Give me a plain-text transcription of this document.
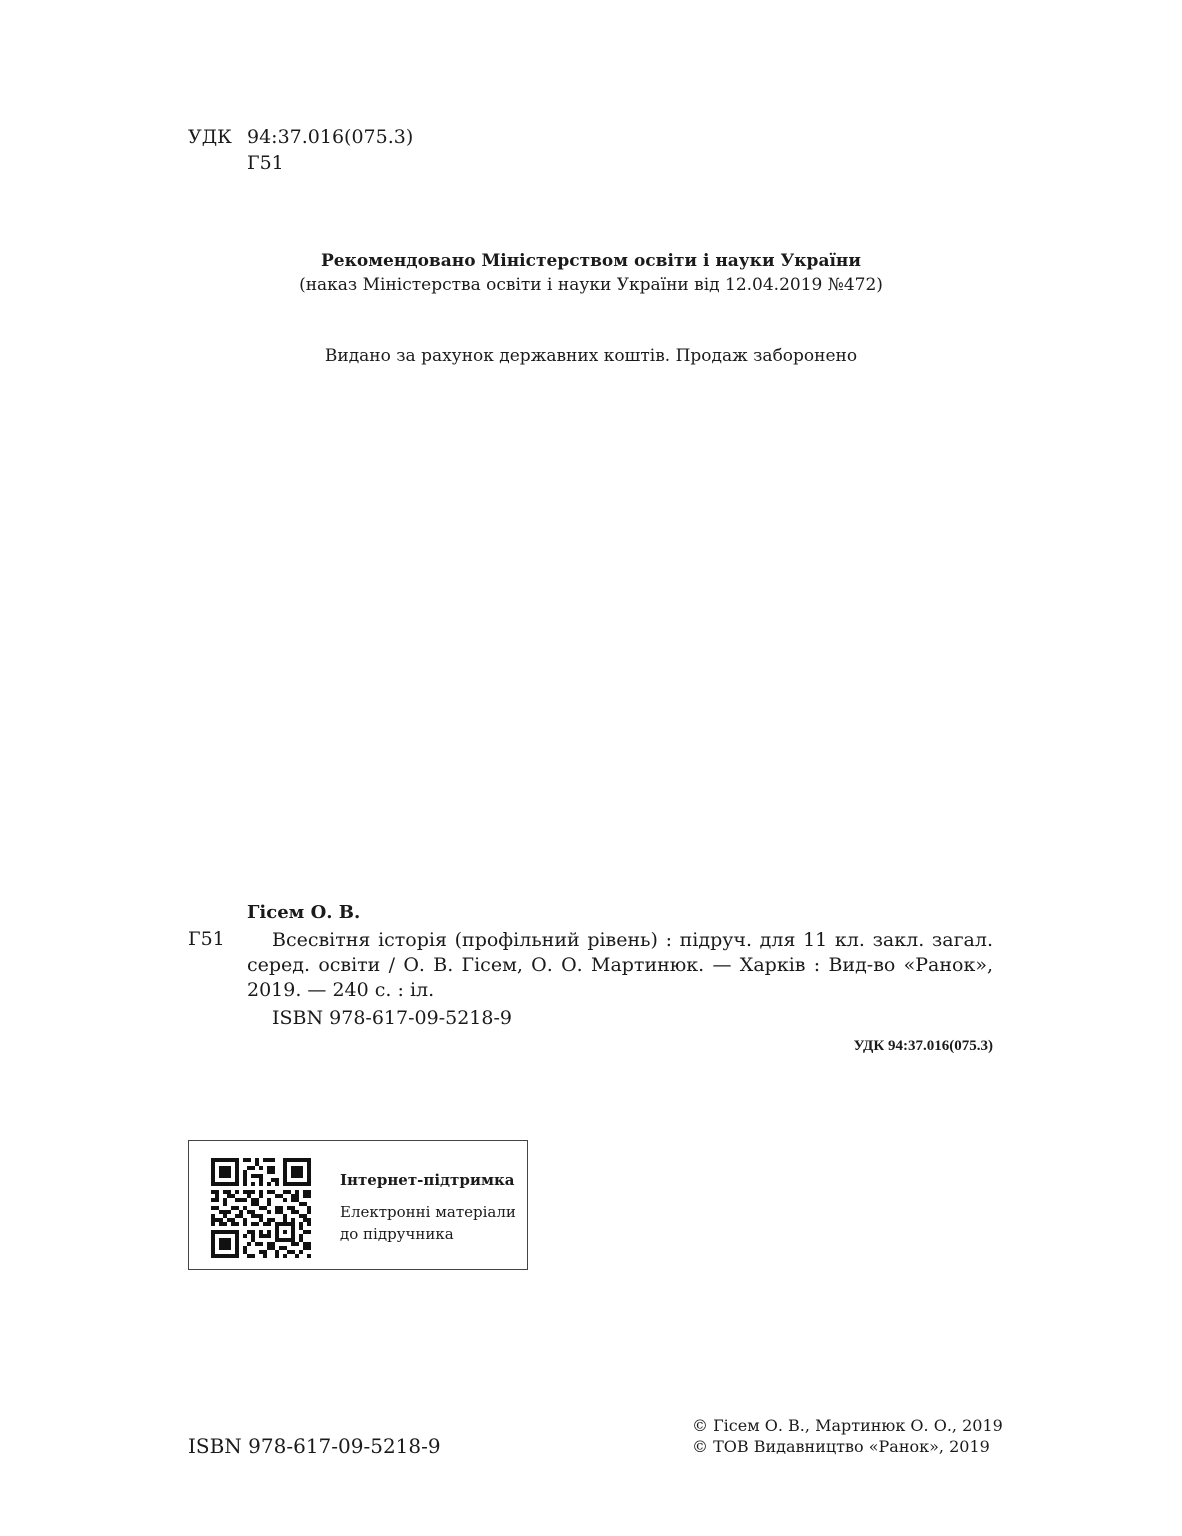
УДК 94:37.016(075.3)
Г51
Рекомендовано Міністерством освіти і науки України
(наказ Міністерства освіти і науки України від 12.04.2019 №472)
Видано за рахунок державних коштів. Продаж заборонено
Гісем О. В.
Г51	Всесвітня історія (профільний рівень) : підруч. для 11 кл. закл. загал. серед. освіти / О. В. Гісем, О. О. Мартинюк. — Харків : Вид-во «Ранок», 2019. — 240 с. : іл.
ISBN 978-617-09-5218-9
УДК 94:37.016(075.3)
Інтернет-підтримка
Електронні матеріали
до підручника
ISBN 978-617-09-5218-9
© Гісем О. В., Мартинюк О. О., 2019
© ТОВ Видавництво «Ранок», 2019
